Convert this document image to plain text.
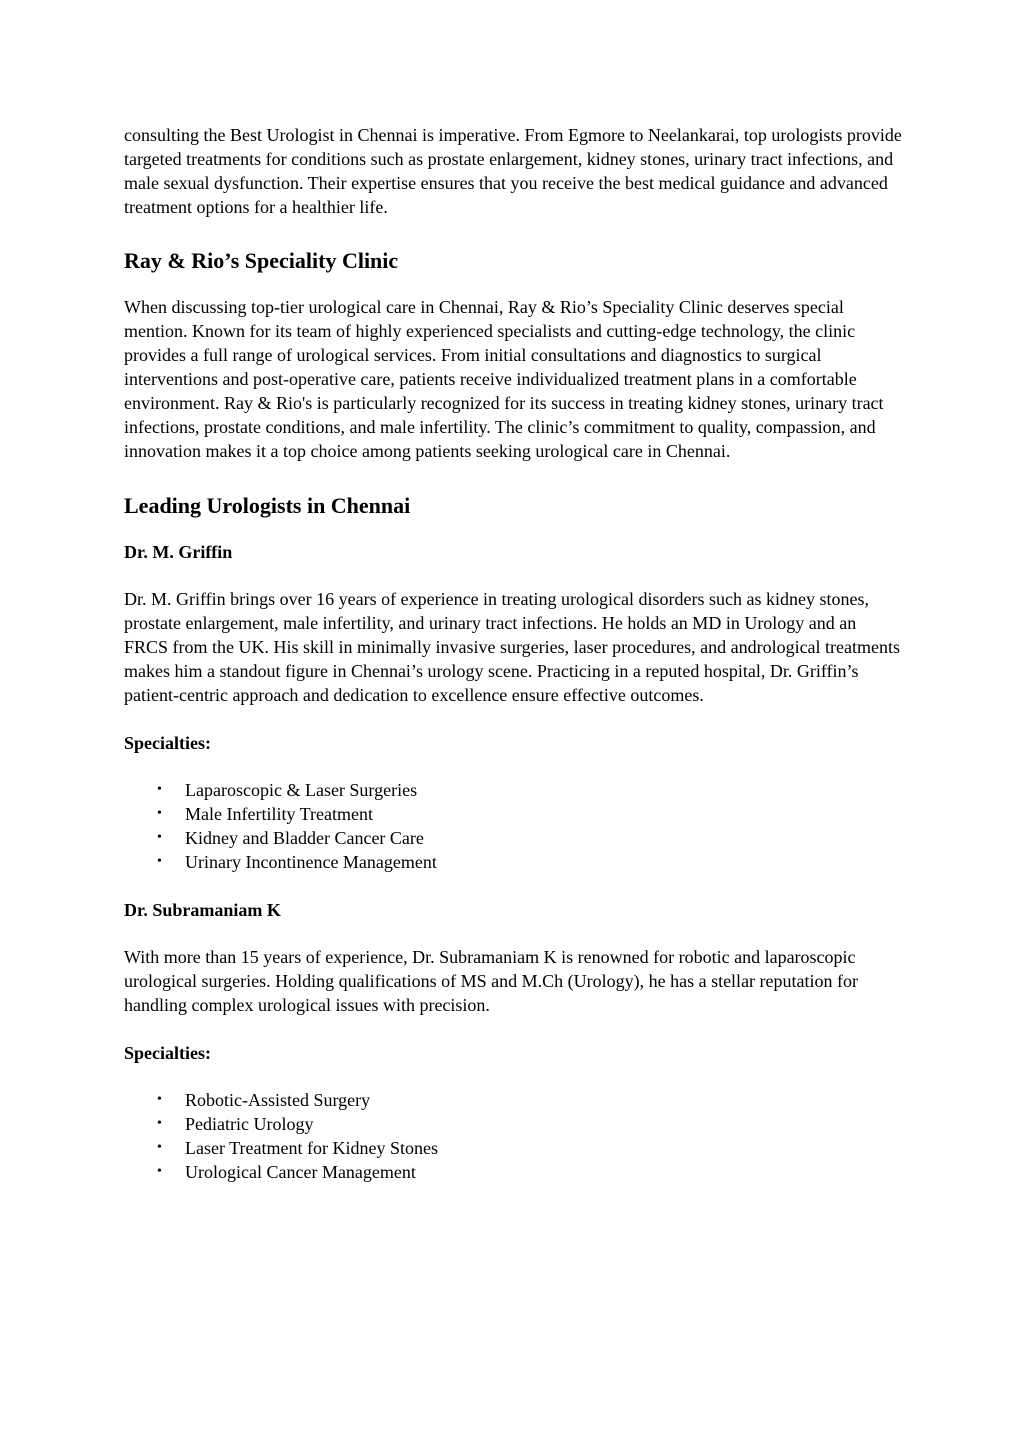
consulting the Best Urologist in Chennai is imperative. From Egmore to Neelankarai, top urologists provide targeted treatments for conditions such as prostate enlargement, kidney stones, urinary tract infections, and male sexual dysfunction. Their expertise ensures that you receive the best medical guidance and advanced treatment options for a healthier life.

Ray & Rio’s Speciality Clinic

When discussing top-tier urological care in Chennai, Ray & Rio’s Speciality Clinic deserves special mention. Known for its team of highly experienced specialists and cutting-edge technology, the clinic provides a full range of urological services. From initial consultations and diagnostics to surgical interventions and post-operative care, patients receive individualized treatment plans in a comfortable environment. Ray & Rio's is particularly recognized for its success in treating kidney stones, urinary tract infections, prostate conditions, and male infertility. The clinic’s commitment to quality, compassion, and innovation makes it a top choice among patients seeking urological care in Chennai.

Leading Urologists in Chennai
Dr. M. Griffin

Dr. M. Griffin brings over 16 years of experience in treating urological disorders such as kidney stones, prostate enlargement, male infertility, and urinary tract infections. He holds an MD in Urology and an FRCS from the UK. His skill in minimally invasive surgeries, laser procedures, and andrological treatments makes him a standout figure in Chennai’s urology scene. Practicing in a reputed hospital, Dr. Griffin’s patient-centric approach and dedication to excellence ensure effective outcomes.

Specialties:
• Laparoscopic & Laser Surgeries
• Male Infertility Treatment
• Kidney and Bladder Cancer Care
• Urinary Incontinence Management
Dr. Subramaniam K

With more than 15 years of experience, Dr. Subramaniam K is renowned for robotic and laparoscopic urological surgeries. Holding qualifications of MS and M.Ch (Urology), he has a stellar reputation for handling complex urological issues with precision.

Specialties:
• Robotic-Assisted Surgery
• Pediatric Urology
• Laser Treatment for Kidney Stones
• Urological Cancer Management
